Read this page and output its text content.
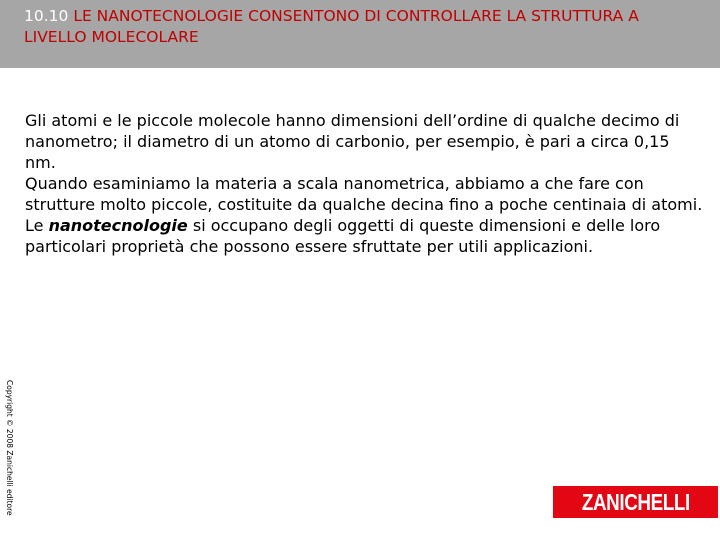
10.10 LE NANOTECNOLOGIE CONSENTONO DI CONTROLLARE LA STRUTTURA A LIVELLO MOLECOLARE

Gli atomi e le piccole molecole hanno dimensioni dell’ordine di qualche decimo di nanometro; il diametro di un atomo di carbonio, per esempio, è pari a circa 0,15 nm.

Quando esaminiamo la materia a scala nanometrica, abbiamo a che fare con strutture molto piccole, costituite da qualche decina fino a poche centinaia di atomi.

Le nanotecnologie si occupano degli oggetti di queste dimensioni e delle loro particolari proprietà che possono essere sfruttate per utili applicazioni.

Copyright © 2008 Zanichelli editore	ZANICHELLI
